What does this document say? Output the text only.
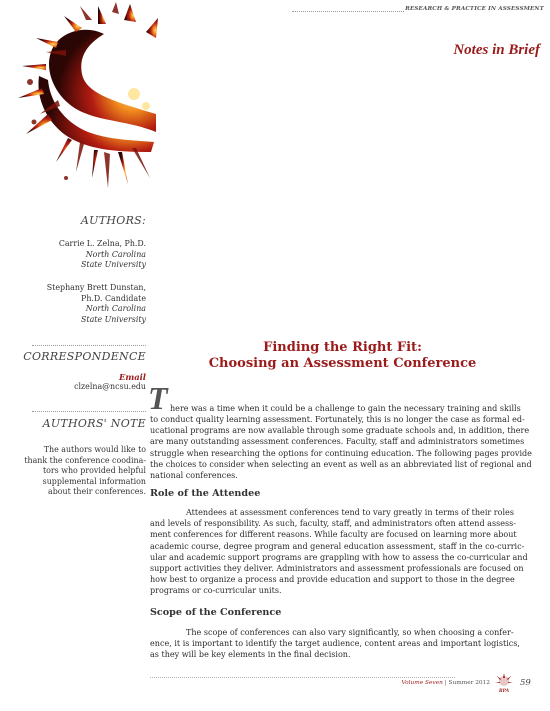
RESEARCH & PRACTICE IN ASSESSMENT
Notes in Brief
AUTHORS:
Carrie L. Zelna, Ph.D.
North Carolina
State University
Stephany Brett Dunstan,
Ph.D. Candidate
North Carolina
State University
CORRESPONDENCE
Email
clzelna@ncsu.edu
AUTHORS' NOTE
The authors would like to
thank the conference coodina-
tors who provided helpful
supplemental information
about their conferences.
Finding the Right Fit:
Choosing an Assessment Conference
T here was a time when it could be a challenge to gain the necessary training and skills
to conduct quality learning assessment. Fortunately, this is no longer the case as formal ed-
ucational programs are now available through some graduate schools and, in addition, there
are many outstanding assessment conferences. Faculty, staff and administrators sometimes
struggle when researching the options for continuing education. The following pages provide
the choices to consider when selecting an event as well as an abbreviated list of regional and
national conferences.
Role of the Attendee
Attendees at assessment conferences tend to vary greatly in terms of their roles
and levels of responsibility. As such, faculty, staff, and administrators often attend assess-
ment conferences for different reasons. While faculty are focused on learning more about
academic course, degree program and general education assessment, staff in the co-curric-
ular and academic support programs are grappling with how to assess the co-curricular and
support activities they deliver. Administrators and assessment professionals are focused on
how best to organize a process and provide education and support to those in the degree
programs or co-curricular units.
Scope of the Conference
The scope of conferences can also vary significantly, so when choosing a confer-
ence, it is important to identify the target audience, content areas and important logistics,
as they will be key elements in the final decision.
Volume Seven | Summer 2012
RPA
59
